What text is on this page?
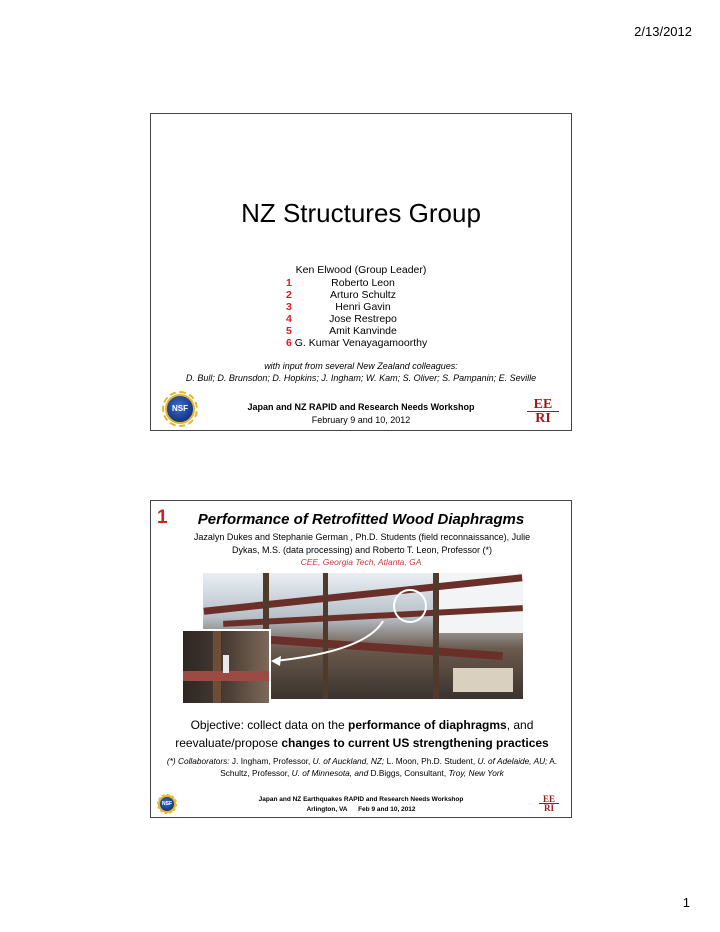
2/13/2012
NZ Structures Group
Ken Elwood (Group Leader)
1	Roberto Leon
2	Arturo Schultz
3	Henri Gavin
4	Jose Restrepo
5	Amit Kanvinde
6 G. Kumar Venayagamoorthy
with input from several New Zealand colleagues:
D. Bull; D. Brunsdon; D. Hopkins; J. Ingham; W. Kam; S. Oliver; S. Pampanin; E. Seville
NSF	Japan and NZ RAPID and Research Needs Workshop
February 9 and 10, 2012
EE
RI
1	Performance of Retrofitted Wood Diaphragms
Jazalyn Dukes and Stephanie German , Ph.D. Students (field reconnaissance), Julie
Dykas, M.S. (data processing) and Roberto T. Leon, Professor (*)
CEE, Georgia Tech, Atlanta, GA
Objective: collect data on the performance of diaphragms, and reevaluate/propose changes to current US strengthening practices
(*) Collaborators: J. Ingham, Professor, U. of Auckland, NZ; L. Moon, Ph.D. Student, U. of Adelaide, AU; A. Schultz, Professor, U. of Minnesota, and D.Biggs, Consultant, Troy, New York
NSF
Japan and NZ Earthquakes RAPID and Research Needs Workshop
Arlington, VA      Feb 9 and 10, 2012
EE
RI
1
